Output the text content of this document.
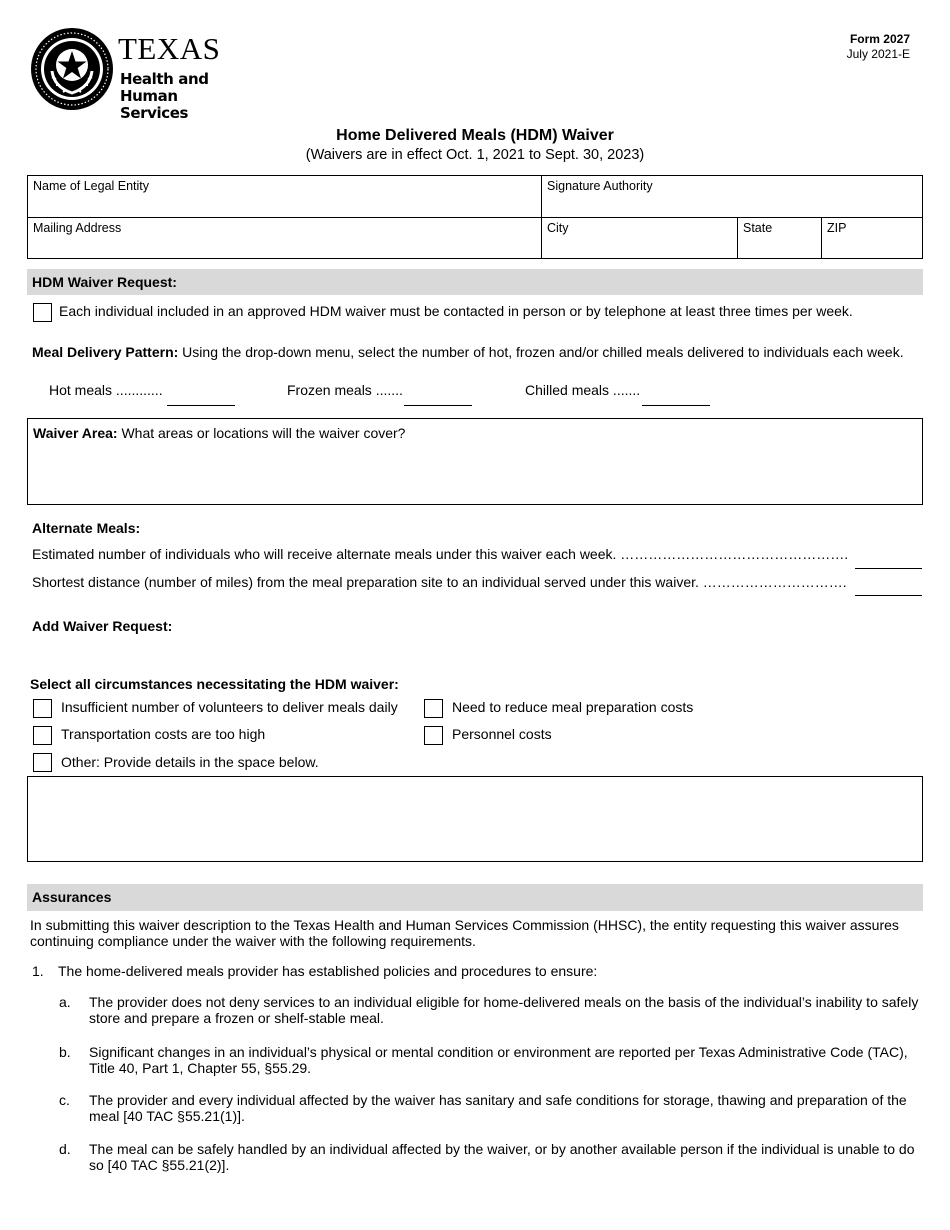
TEXAS
Health and Human
Services
Form 2027
July 2021-E
Home Delivered Meals (HDM) Waiver
(Waivers are in effect Oct. 1, 2021 to Sept. 30, 2023)
Name of Legal Entity	Signature Authority
Mailing Address	City	State	ZIP
HDM Waiver Request:
Each individual included in an approved HDM waiver must be contacted in person or by telephone at least three times per week.
Meal Delivery Pattern: Using the drop-down menu, select the number of hot, frozen and/or chilled meals delivered to individuals each week.
Hot meals ............	Frozen meals .......	Chilled meals .......
Waiver Area: What areas or locations will the waiver cover?
Alternate Meals:
Estimated number of individuals who will receive alternate meals under this waiver each week. ………………………………………….
Shortest distance (number of miles) from the meal preparation site to an individual served under this waiver. ………………………….
Add Waiver Request:
Select all circumstances necessitating the HDM waiver:
Insufficient number of volunteers to deliver meals daily	Need to reduce meal preparation costs
Transportation costs are too high	Personnel costs
Other: Provide details in the space below.
Assurances

In submitting this waiver description to the Texas Health and Human Services Commission (HHSC), the entity requesting this waiver assures continuing compliance under the waiver with the following requirements.

1. The home-delivered meals provider has established policies and procedures to ensure:

a. The provider does not deny services to an individual eligible for home-delivered meals on the basis of the individual’s inability to safely store and prepare a frozen or shelf-stable meal.

b. Significant changes in an individual’s physical or mental condition or environment are reported per Texas Administrative Code (TAC), Title 40, Part 1, Chapter 55, §55.29.

c. The provider and every individual affected by the waiver has sanitary and safe conditions for storage, thawing and preparation of the meal [40 TAC §55.21(1)].

d. The meal can be safely handled by an individual affected by the waiver, or by another available person if the individual is unable to do so [40 TAC §55.21(2)].
